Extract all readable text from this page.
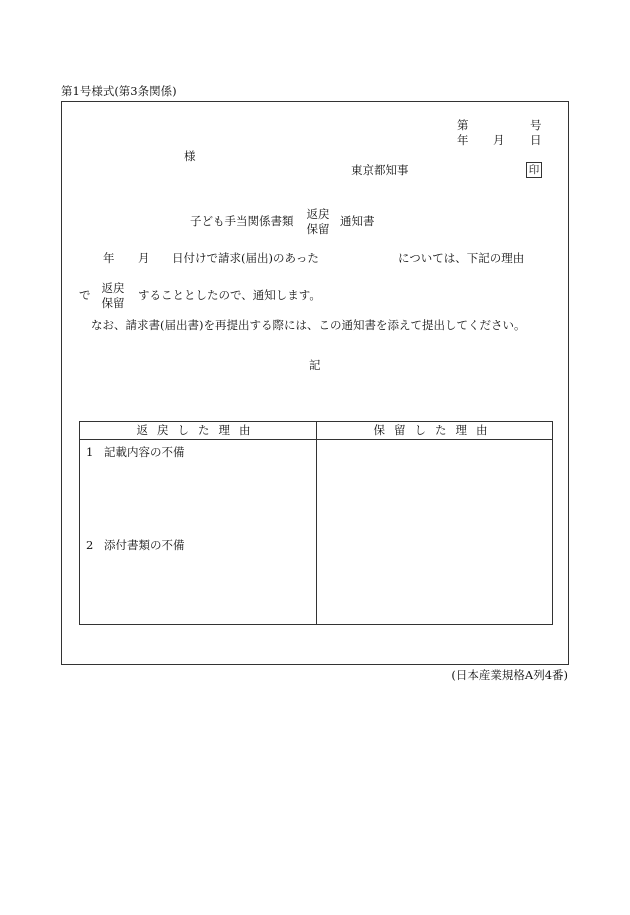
第1号様式(第3条関係)
第	号
年 月 日
様
東京都知事	印
子ども手当関係書類	返戻
保留
通知書
年 月 日付けで請求(届出)のあった	については、下記の理由
で 返戻
保留
することとしたので、通知します。
なお、請求書(届出書)を再提出する際には、この通知書を添えて提出してください。
記
返戻した理由	保留した理由
1 記載内容の不備
2 添付書類の不備
(日本産業規格A列4番)
